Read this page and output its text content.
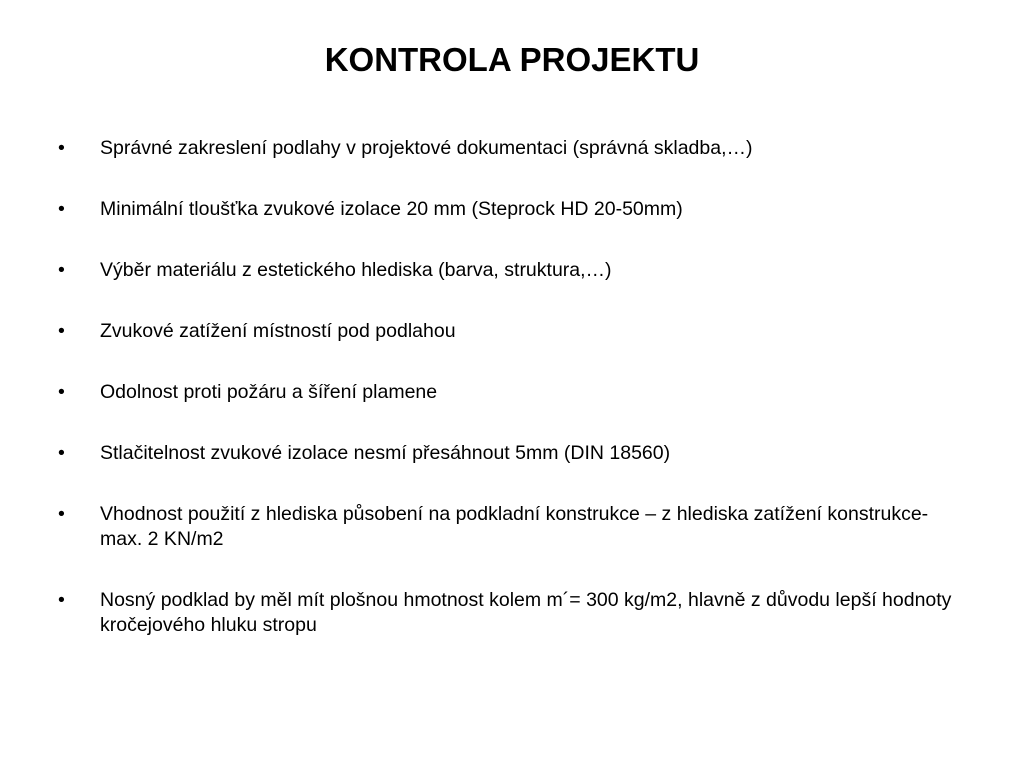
KONTROLA PROJEKTU
•	Správné zakreslení podlahy v projektové dokumentaci (správná skladba,…)
•	Minimální tloušťka zvukové izolace 20 mm (Steprock HD 20-50mm)
•	Výběr materiálu z estetického hlediska (barva, struktura,…)
•	Zvukové zatížení místností pod podlahou
•	Odolnost proti požáru a šíření plamene
•	Stlačitelnost zvukové izolace nesmí přesáhnout 5mm (DIN 18560)
•	Vhodnost použití z hlediska působení na podkladní konstrukce – z hlediska zatížení konstrukce- max. 2 KN/m2
•	Nosný podklad by měl mít plošnou hmotnost kolem m´= 300 kg/m2, hlavně z důvodu lepší hodnoty kročejového hluku stropu
